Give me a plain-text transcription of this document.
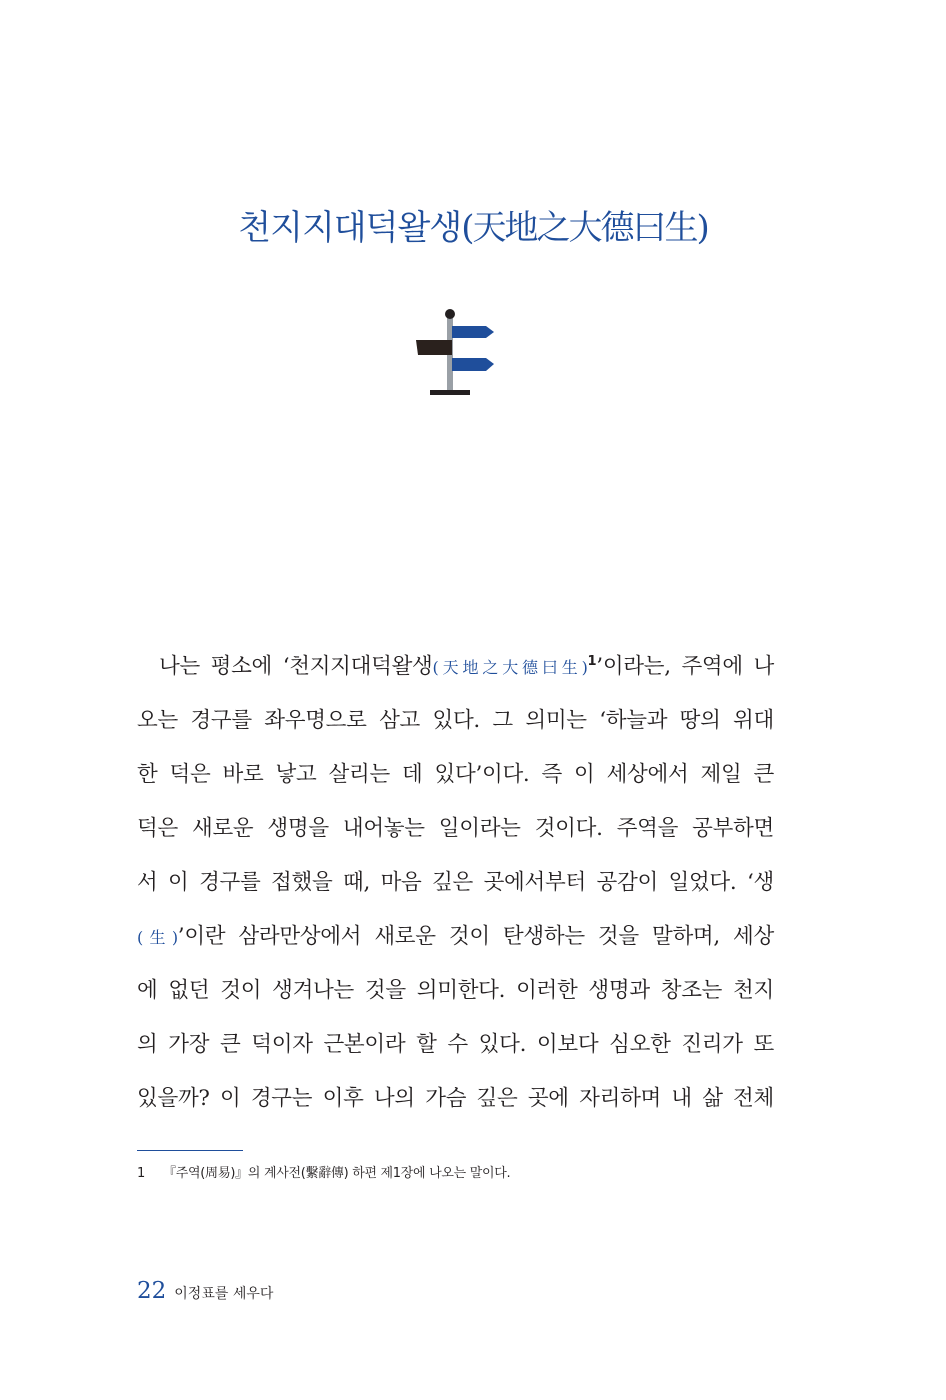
천지지대덕왈생(天地之大德曰生)
나는 평소에 ‘천지지대덕왈생(天地之大德曰生)$^1$’이라는, 주역에 나
오는 경구를 좌우명으로 삼고 있다. 그 의미는 ‘하늘과 땅의 위대
한 덕은 바로 낳고 살리는 데 있다’이다. 즉 이 세상에서 제일 큰
덕은 새로운 생명을 내어놓는 일이라는 것이다. 주역을 공부하면
서 이 경구를 접했을 때, 마음 깊은 곳에서부터 공감이 일었다. ‘생
(生)’이란 삼라만상에서 새로운 것이 탄생하는 것을 말하며, 세상
에 없던 것이 생겨나는 것을 의미한다. 이러한 생명과 창조는 천지
의 가장 큰 덕이자 근본이라 할 수 있다. 이보다 심오한 진리가 또
있을까? 이 경구는 이후 나의 가슴 깊은 곳에 자리하며 내 삶 전체

1 『주역(周易)』의 계사전(繫辭傳) 하편 제1장에 나오는 말이다.

22 이정표를 세우다
